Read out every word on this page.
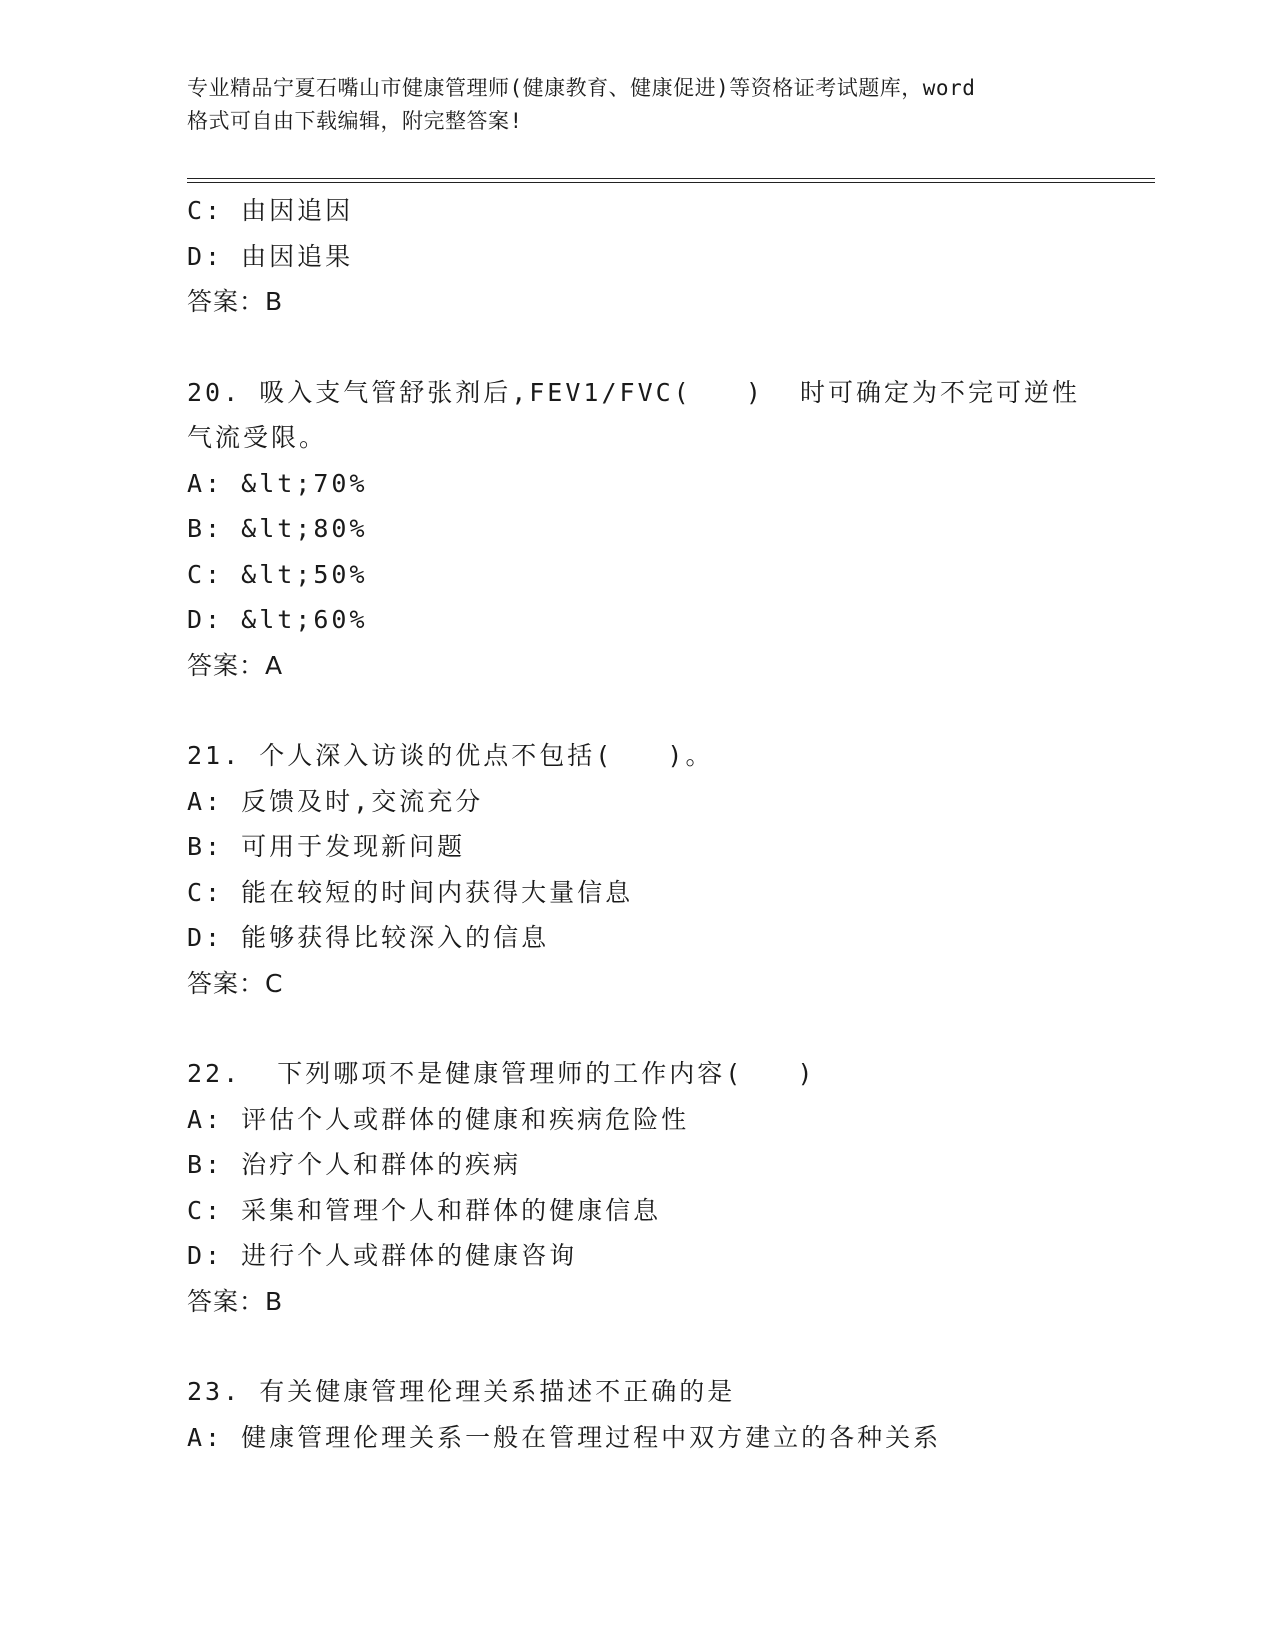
专业精品宁夏石嘴山市健康管理师(健康教育、健康促进)等资格证考试题库，word
格式可自由下载编辑，附完整答案!
C: 由因追因
D: 由因追果
答案：B
20. 吸入支气管舒张剂后,FEV1/FVC(   )  时可确定为不完可逆性
气流受限。
A: &lt;70%
B: &lt;80%
C: &lt;50%
D: &lt;60%
答案：A
21. 个人深入访谈的优点不包括(   )。
A: 反馈及时,交流充分
B: 可用于发现新问题
C: 能在较短的时间内获得大量信息
D: 能够获得比较深入的信息
答案：C
22.  下列哪项不是健康管理师的工作内容(   )
A: 评估个人或群体的健康和疾病危险性
B: 治疗个人和群体的疾病
C: 采集和管理个人和群体的健康信息
D: 进行个人或群体的健康咨询
答案：B
23. 有关健康管理伦理关系描述不正确的是
A: 健康管理伦理关系一般在管理过程中双方建立的各种关系
